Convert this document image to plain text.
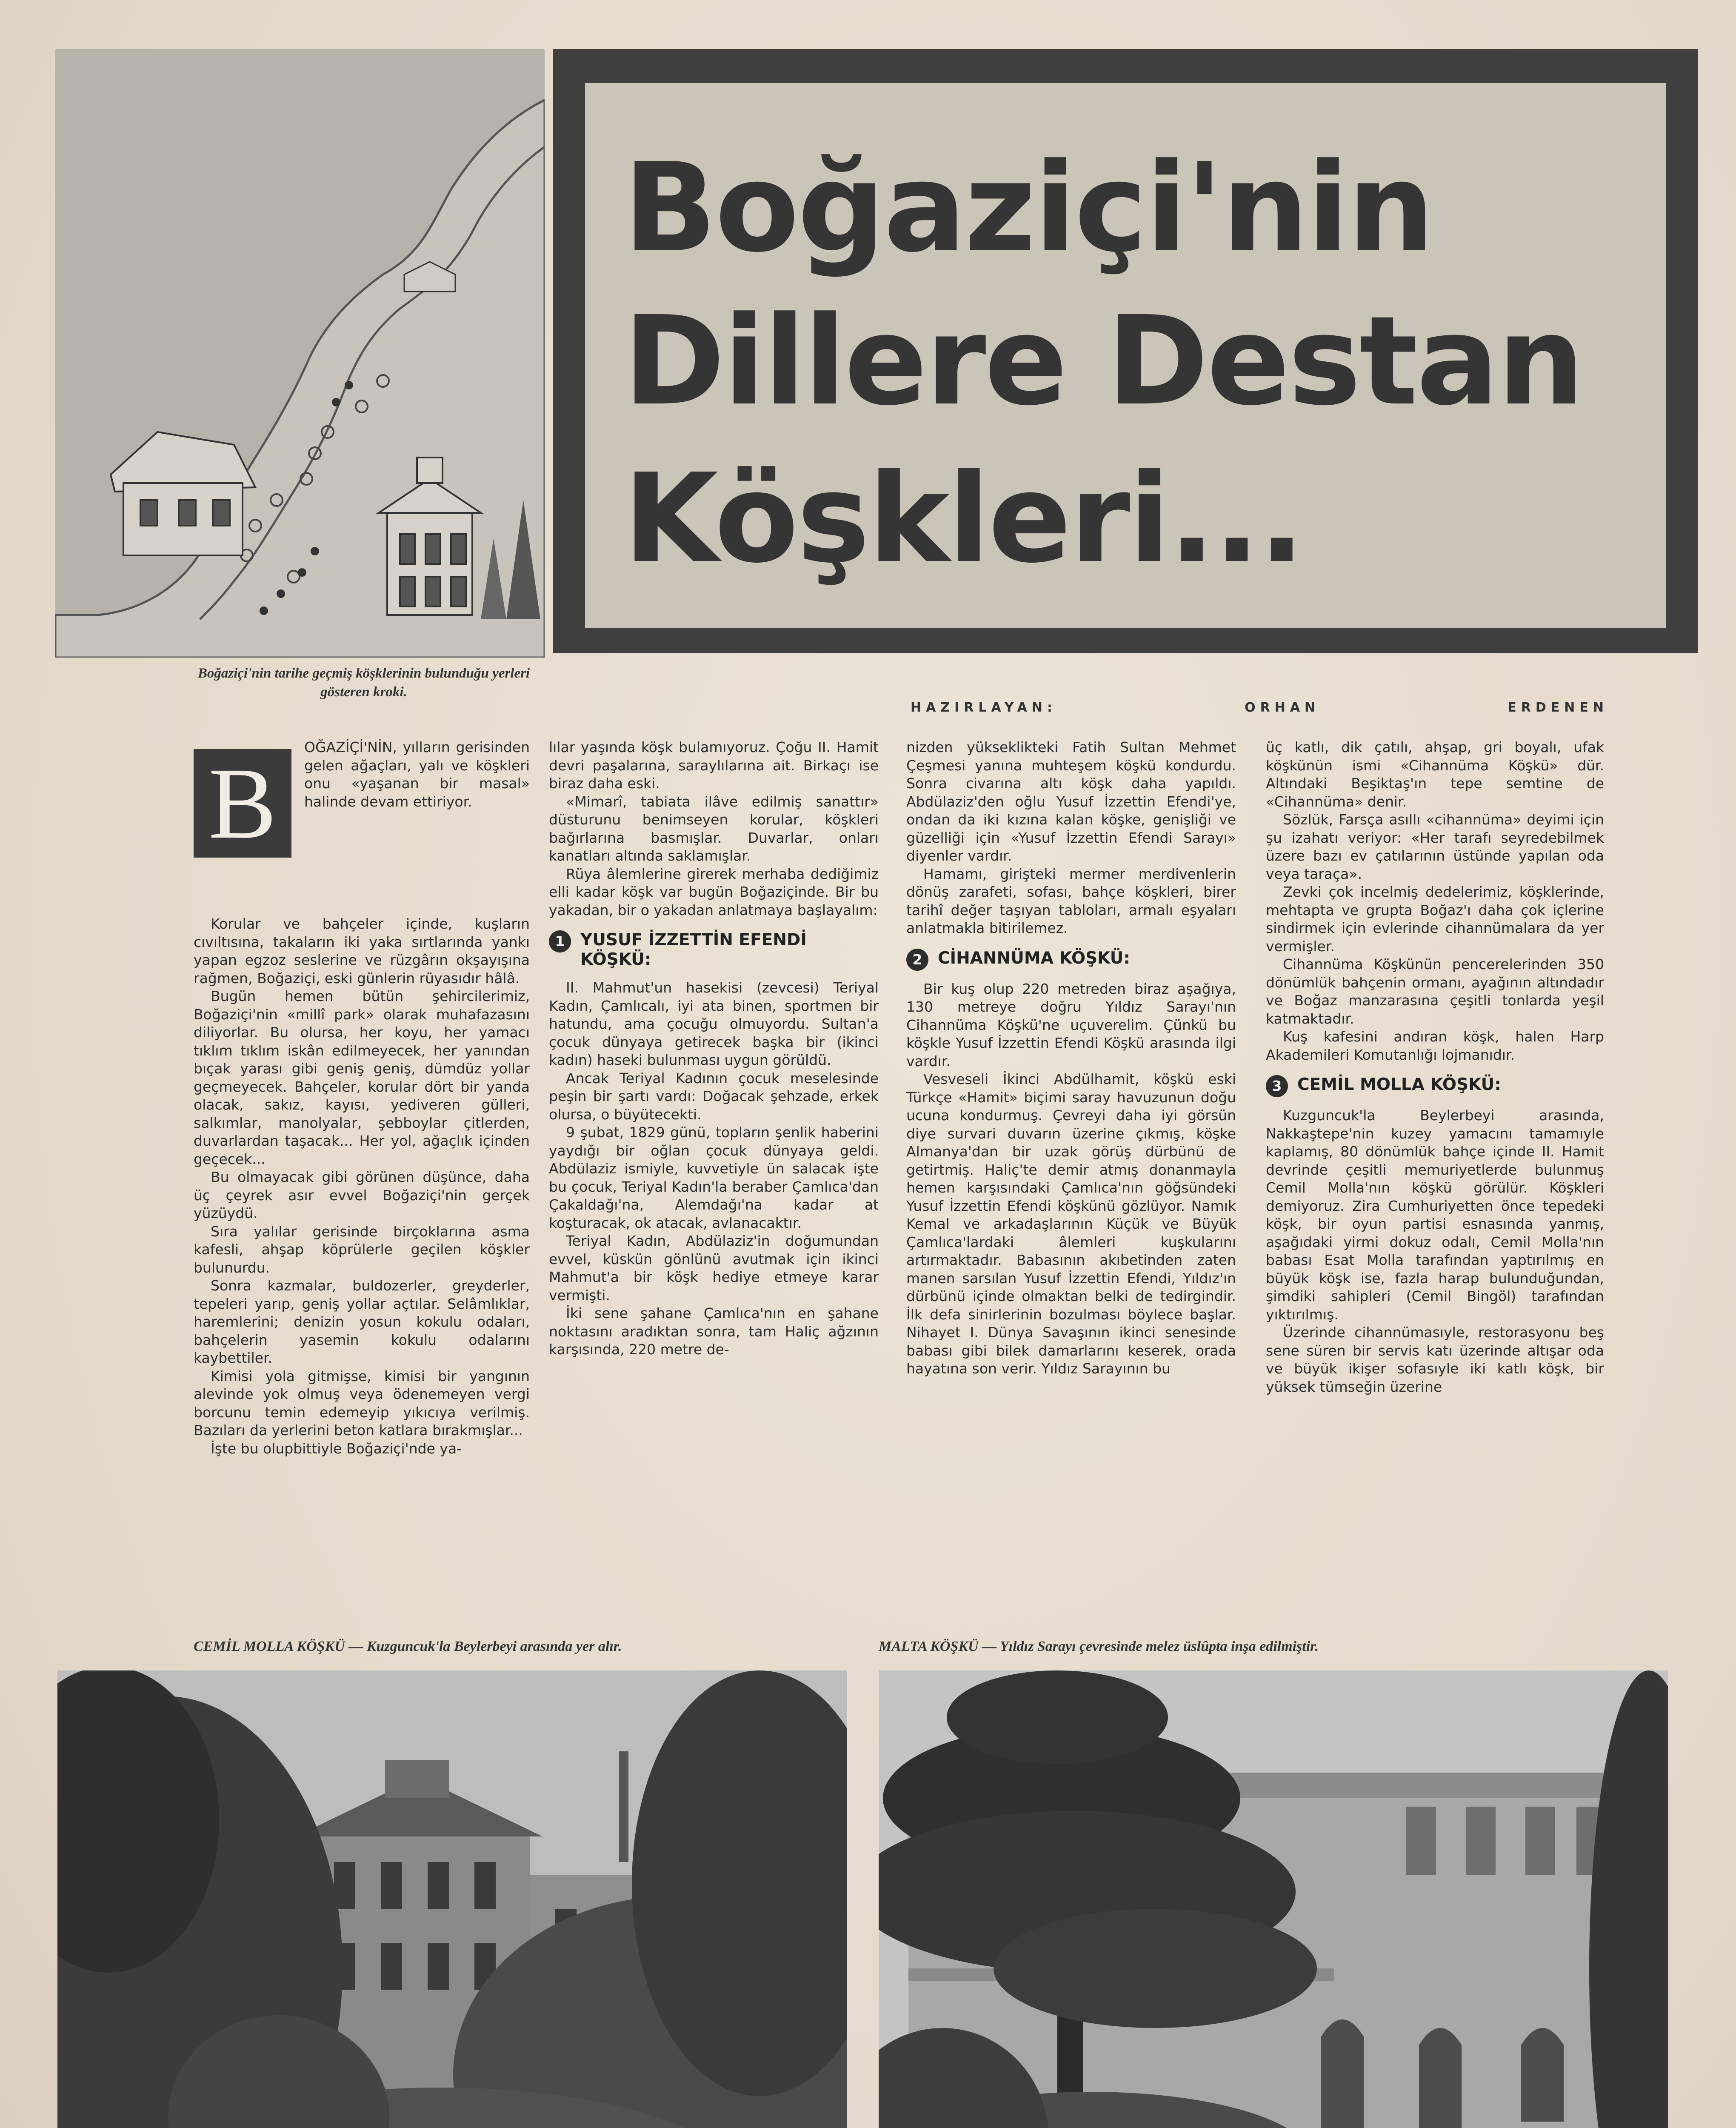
Boğaziçi'nin tarihe geçmiş köşklerinin bulunduğu yerleri gösteren kroki.
Boğaziçi'nin
Dillere Destan
Köşkleri...
HAZIRLAYAN:	ORHAN	ERDENEN
B	OĞAZİÇİ'NİN, yılların gerisinden gelen ağaçları, yalı ve köşkleri onu «yaşanan bir masal» halinde devam ettiriyor.

Korular ve bahçeler içinde, kuşların cıvıltısına, takaların iki yaka sırtlarında yankı yapan egzoz seslerine ve rüzgârın okşayışına rağmen, Boğaziçi, eski günlerin rüyasıdır hâlâ.

Bugün hemen bütün şehircilerimiz, Boğaziçi'nin «millî park» olarak muhafazasını diliyorlar. Bu olursa, her koyu, her yamacı tıklım tıklım iskân edilmeyecek, her yanından bıçak yarası gibi geniş geniş, dümdüz yollar geçmeyecek. Bahçeler, korular dört bir yanda olacak, sakız, kayısı, yediveren gülleri, salkımlar, manolyalar, şebboylar çitlerden, duvarlardan taşacak... Her yol, ağaçlık içinden geçecek...

Bu olmayacak gibi görünen düşünce, daha üç çeyrek asır evvel Boğaziçi'nin gerçek yüzüydü.

Sıra yalılar gerisinde birçoklarına asma kafesli, ahşap köprülerle geçilen köşkler bulunurdu.

Sonra kazmalar, buldozerler, greyderler, tepeleri yarıp, geniş yollar açtılar. Selâmlıklar, haremlerini; denizin yosun kokulu odaları, bahçelerin yasemin kokulu odalarını kaybettiler.

Kimisi yola gitmişse, kimisi bir yangının alevinde yok olmuş veya ödenemeyen vergi borcunu temin edemeyip yıkıcıya verilmiş. Bazıları da yerlerini beton katlara bırakmışlar...

İşte bu olupbittiyle Boğaziçi'nde ya-

lılar yaşında köşk bulamıyoruz. Çoğu II. Hamit devri paşalarına, saraylılarına ait. Birkaçı ise biraz daha eski.

«Mimarî, tabiata ilâve edilmiş sanattır» düsturunu benimseyen korular, köşkleri bağırlarına basmışlar. Duvarlar, onları kanatları altında saklamışlar.

Rüya âlemlerine girerek merhaba dediğimiz elli kadar köşk var bugün Boğaziçinde. Bir bu yakadan, bir o yakadan anlatmaya başlayalım:

1 YUSUF İZZETTİN EFENDİ KÖŞKÜ:

II. Mahmut'un hasekisi (zevcesi) Teriyal Kadın, Çamlıcalı, iyi ata binen, sportmen bir hatundu, ama çocuğu olmuyordu. Sultan'a çocuk dünyaya getirecek başka bir (ikinci kadın) haseki bulunması uygun görüldü.

Ancak Teriyal Kadının çocuk meselesinde peşin bir şartı vardı: Doğacak şehzade, erkek olursa, o büyütecekti.

9 şubat, 1829 günü, topların şenlik haberini yaydığı bir oğlan çocuk dünyaya geldi. Abdülaziz ismiyle, kuvvetiyle ün salacak işte bu çocuk, Teriyal Kadın'la beraber Çamlıca'dan Çakaldağı'na, Alemdağı'na kadar at koşturacak, ok atacak, avlanacaktır.

Teriyal Kadın, Abdülaziz'in doğumundan evvel, küskün gönlünü avutmak için ikinci Mahmut'a bir köşk hediye etmeye karar vermişti.

İki sene şahane Çamlıca'nın en şahane noktasını aradıktan sonra, tam Haliç ağzının karşısında, 220 metre de-

nizden yükseklikteki Fatih Sultan Mehmet Çeşmesi yanına muhteşem köşkü kondurdu. Sonra civarına altı köşk daha yapıldı. Abdülaziz'den oğlu Yusuf İzzettin Efendi'ye, ondan da iki kızına kalan köşke, genişliği ve güzelliği için «Yusuf İzzettin Efendi Sarayı» diyenler vardır.

Hamamı, girişteki mermer merdivenlerin dönüş zarafeti, sofası, bahçe köşkleri, birer tarihî değer taşıyan tabloları, armalı eşyaları anlatmakla bitirilemez.

2 CİHANNÜMA KÖŞKÜ:

Bir kuş olup 220 metreden biraz aşağıya, 130 metreye doğru Yıldız Sarayı'nın Cihannüma Köşkü'ne uçuverelim. Çünkü bu köşkle Yusuf İzzettin Efendi Köşkü arasında ilgi vardır.

Vesveseli İkinci Abdülhamit, köşkü eski Türkçe «Hamit» biçimi saray havuzunun doğu ucuna kondurmuş. Çevreyi daha iyi görsün diye survari duvarın üzerine çıkmış, köşke Almanya'dan bir uzak görüş dürbünü de getirtmiş. Haliç'te demir atmış donanmayla hemen karşısındaki Çamlıca'nın göğsündeki Yusuf İzzettin Efendi köşkünü gözlüyor. Namık Kemal ve arkadaşlarının Küçük ve Büyük Çamlıca'lardaki âlemleri kuşkularını artırmaktadır. Babasının akıbetinden zaten manen sarsılan Yusuf İzzettin Efendi, Yıldız'ın dürbünü içinde olmaktan belki de tedirgindir. İlk defa sinirlerinin bozulması böylece başlar. Nihayet I. Dünya Savaşının ikinci senesinde babası gibi bilek damarlarını keserek, orada hayatına son verir. Yıldız Sarayının bu

üç katlı, dik çatılı, ahşap, gri boyalı, ufak köşkünün ismi «Cihannüma Köşkü» dür. Altındaki Beşiktaş'ın tepe semtine de «Cihannüma» denir.

Sözlük, Farsça asıllı «cihannüma» deyimi için şu izahatı veriyor: «Her tarafı seyredebilmek üzere bazı ev çatılarının üstünde yapılan oda veya taraça».

Zevki çok incelmiş dedelerimiz, köşklerinde, mehtapta ve grupta Boğaz'ı daha çok içlerine sindirmek için evlerinde cihannümalara da yer vermişler.

Cihannüma Köşkünün pencerelerinden 350 dönümlük bahçenin ormanı, ayağının altındadır ve Boğaz manzarasına çeşitli tonlarda yeşil katmaktadır.

Kuş kafesini andıran köşk, halen Harp Akademileri Komutanlığı lojmanıdır.

3 CEMİL MOLLA KÖŞKÜ:

Kuzguncuk'la Beylerbeyi arasında, Nakkaştepe'nin kuzey yamacını tamamıyle kaplamış, 80 dönümlük bahçe içinde II. Hamit devrinde çeşitli memuriyetlerde bulunmuş Cemil Molla'nın köşkü görülür. Köşkleri demiyoruz. Zira Cumhuriyetten önce tepedeki köşk, bir oyun partisi esnasında yanmış, aşağıdaki yirmi dokuz odalı, Cemil Molla'nın babası Esat Molla tarafından yaptırılmış en büyük köşk ise, fazla harap bulunduğundan, şimdiki sahipleri (Cemil Bingöl) tarafından yıktırılmış.

Üzerinde cihannümasıyle, restorasyonu beş sene süren bir servis katı üzerinde altışar oda ve büyük ikişer sofasıyle iki katlı köşk, bir yüksek tümseğin üzerine

CEMİL MOLLA KÖŞKÜ — Kuzguncuk'la Beylerbeyi arasında yer alır.	MALTA KÖŞKÜ — Yıldız Sarayı çevresinde melez üslûpta inşa edilmiştir.
